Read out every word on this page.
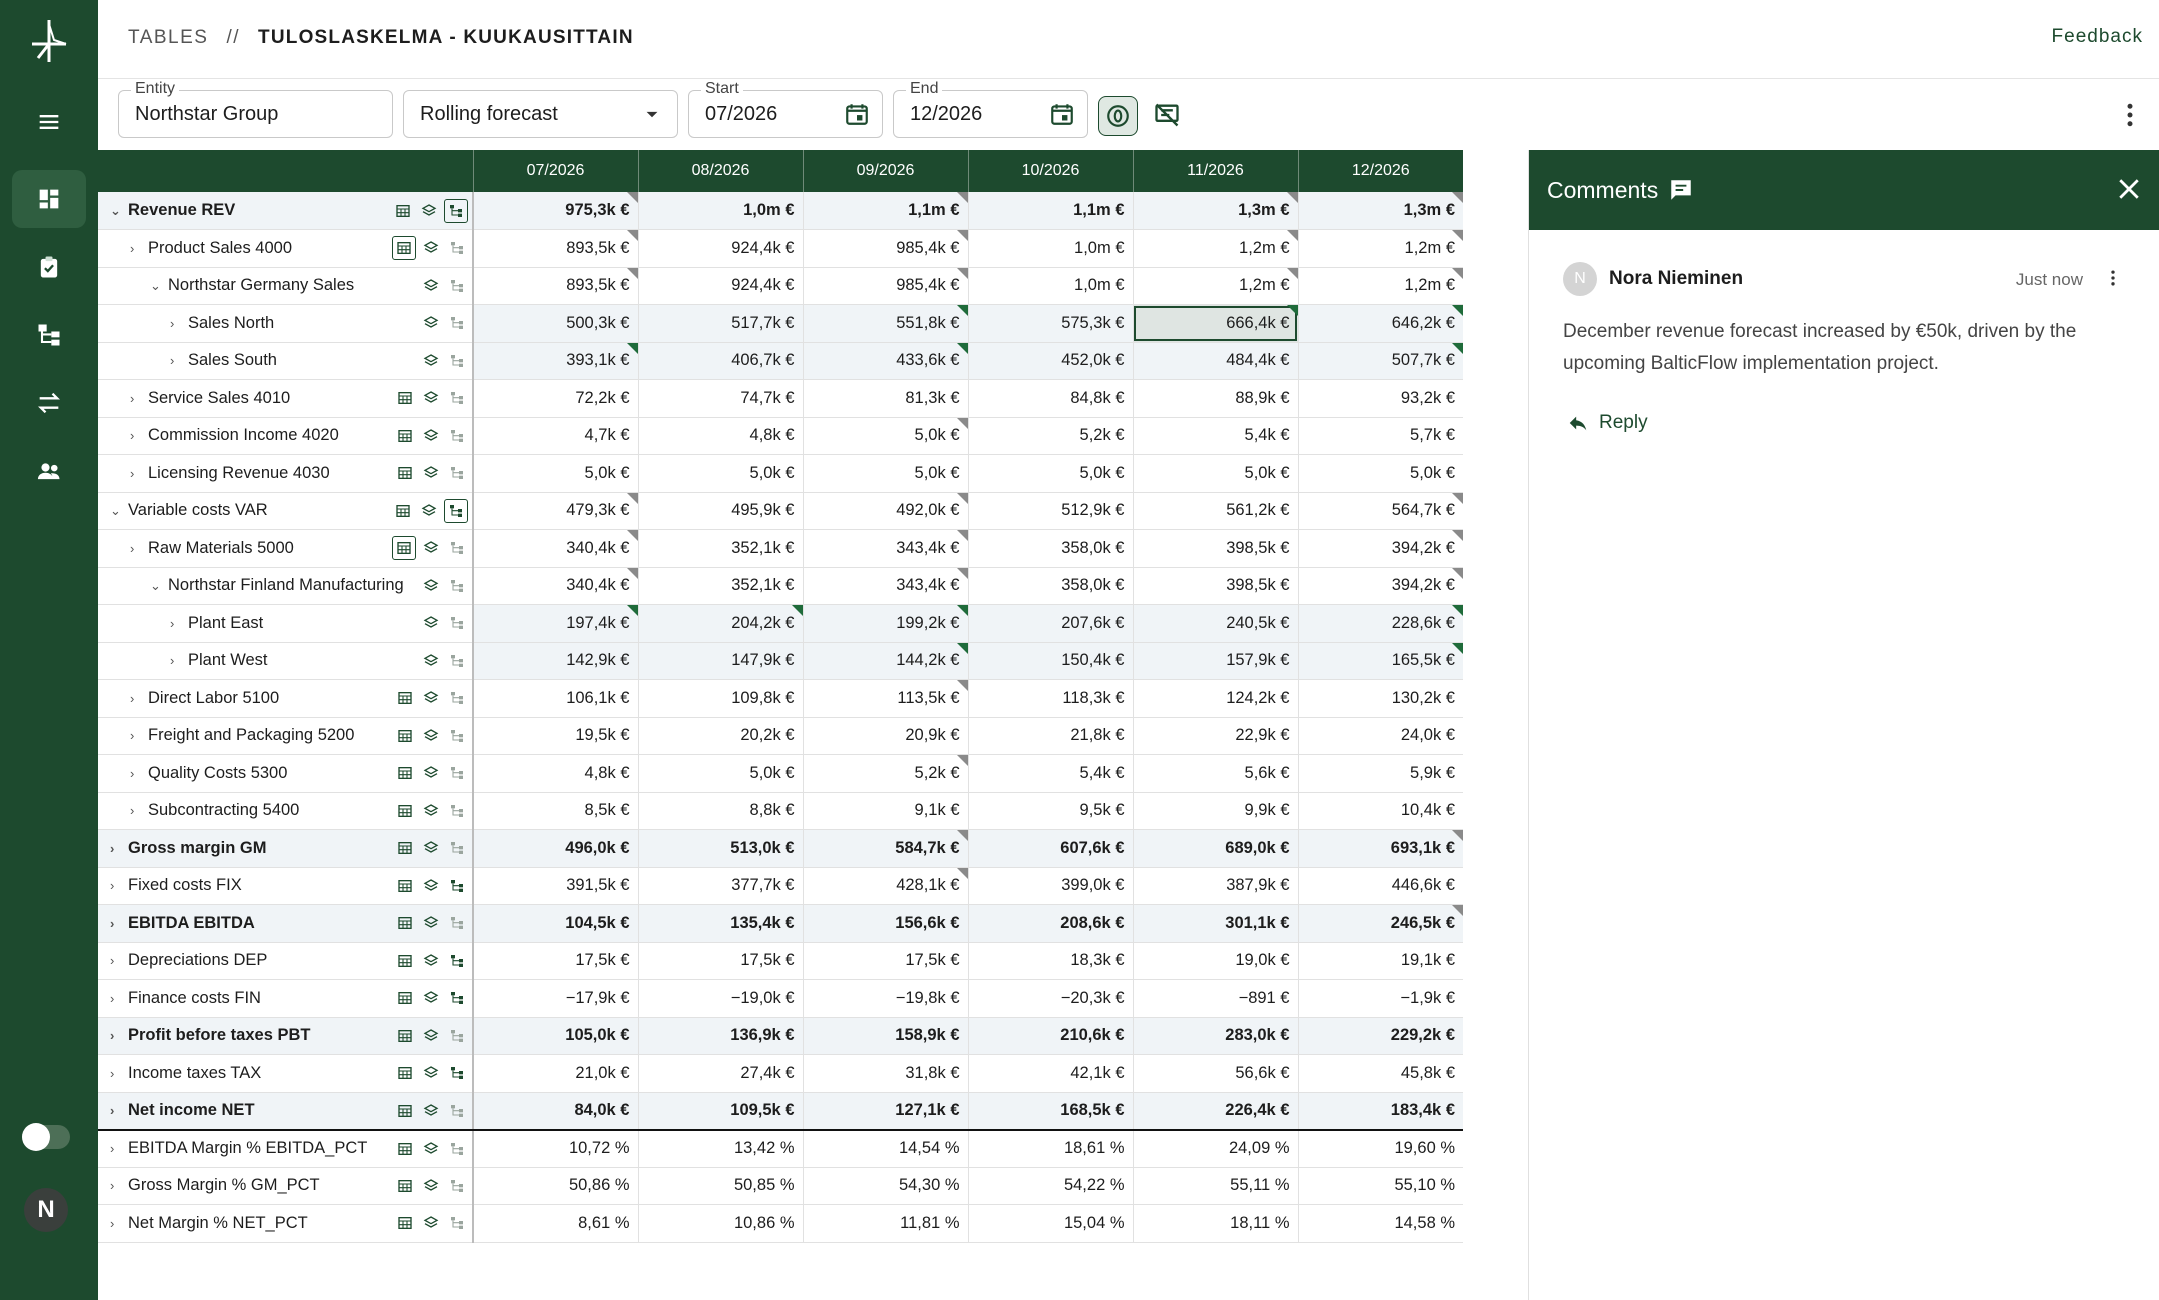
N
TABLES // TULOSLASKELMA - KUUKAUSITTAIN	Feedback
Entity
Northstar Group	Rolling forecast
Start
07/2026
End
12/2026
	07/2026	08/2026	09/2026	10/2026	11/2026	12/2026

⌄ Revenue REV	975,3k €	1,0m €	1,1m €	1,1m €	1,3m €	1,3m €

› Product Sales 4000	893,5k €	924,4k €	985,4k €	1,0m €	1,2m €	1,2m €

⌄ Northstar Germany Sales	893,5k €	924,4k €	985,4k €	1,0m €	1,2m €	1,2m €

› Sales North	500,3k €	517,7k €	551,8k €	575,3k €	666,4k €	646,2k €

› Sales South	393,1k €	406,7k €	433,6k €	452,0k €	484,4k €	507,7k €

› Service Sales 4010	72,2k €	74,7k €	81,3k €	84,8k €	88,9k €	93,2k €

› Commission Income 4020	4,7k €	4,8k €	5,0k €	5,2k €	5,4k €	5,7k €

› Licensing Revenue 4030	5,0k €	5,0k €	5,0k €	5,0k €	5,0k €	5,0k €

⌄ Variable costs VAR	479,3k €	495,9k €	492,0k €	512,9k €	561,2k €	564,7k €

› Raw Materials 5000	340,4k €	352,1k €	343,4k €	358,0k €	398,5k €	394,2k €

⌄ Northstar Finland Manufacturing	340,4k €	352,1k €	343,4k €	358,0k €	398,5k €	394,2k €

› Plant East	197,4k €	204,2k €	199,2k €	207,6k €	240,5k €	228,6k €

› Plant West	142,9k €	147,9k €	144,2k €	150,4k €	157,9k €	165,5k €

› Direct Labor 5100	106,1k €	109,8k €	113,5k €	118,3k €	124,2k €	130,2k €

› Freight and Packaging 5200	19,5k €	20,2k €	20,9k €	21,8k €	22,9k €	24,0k €

› Quality Costs 5300	4,8k €	5,0k €	5,2k €	5,4k €	5,6k €	5,9k €

› Subcontracting 5400	8,5k €	8,8k €	9,1k €	9,5k €	9,9k €	10,4k €

› Gross margin GM	496,0k €	513,0k €	584,7k €	607,6k €	689,0k €	693,1k €

› Fixed costs FIX	391,5k €	377,7k €	428,1k €	399,0k €	387,9k €	446,6k €

› EBITDA EBITDA	104,5k €	135,4k €	156,6k €	208,6k €	301,1k €	246,5k €

› Depreciations DEP	17,5k €	17,5k €	17,5k €	18,3k €	19,0k €	19,1k €

› Finance costs FIN	−17,9k €	−19,0k €	−19,8k €	−20,3k €	−891 €	−1,9k €

› Profit before taxes PBT	105,0k €	136,9k €	158,9k €	210,6k €	283,0k €	229,2k €

› Income taxes TAX	21,0k €	27,4k €	31,8k €	42,1k €	56,6k €	45,8k €

› Net income NET	84,0k €	109,5k €	127,1k €	168,5k €	226,4k €	183,4k €

› EBITDA Margin % EBITDA_PCT	10,72 %	13,42 %	14,54 %	18,61 %	24,09 %	19,60 %

› Gross Margin % GM_PCT	50,86 %	50,85 %	54,30 %	54,22 %	55,11 %	55,10 %

› Net Margin % NET_PCT	8,61 %	10,86 %	11,81 %	15,04 %	18,11 %	14,58 %
Comments
N	Nora Nieminen	Just now
December revenue forecast increased by €50k, driven by the upcoming BalticFlow implementation project.
Reply
